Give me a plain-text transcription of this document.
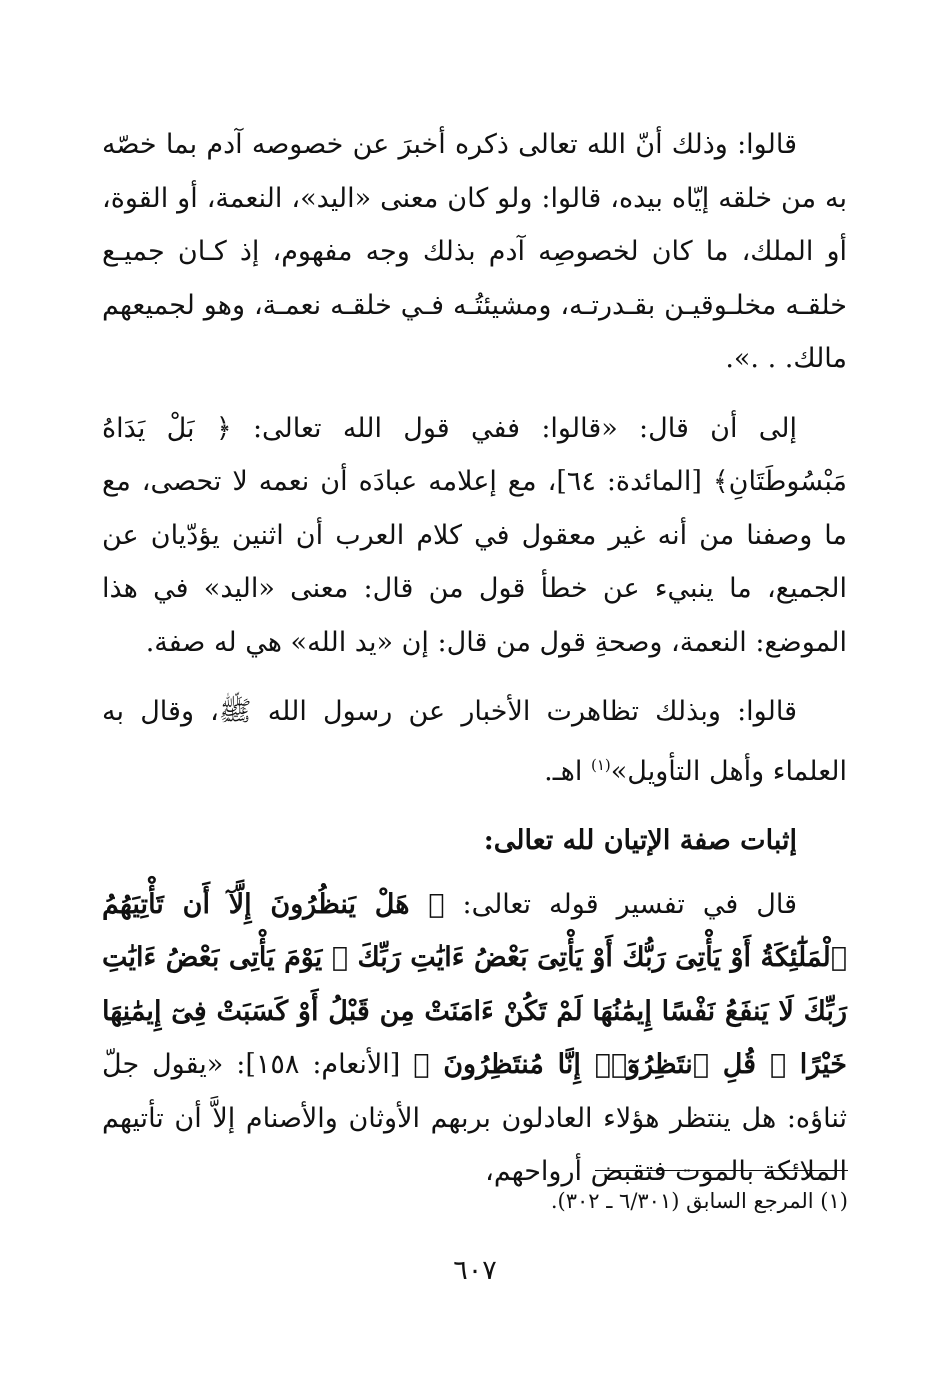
قالوا: وذلك أنّ الله تعالى ذكره أخبرَ عن خصوصه آدم بما خصّه به من خلقه إيّاه بيده، قالوا: ولو كان معنى «اليد»، النعمة، أو القوة، أو الملك، ما كان لخصوصِه آدم بذلك وجه مفهوم، إذ كـان جميـع خلقـه مخلـوقيـن بقـدرتـه، ومشيئتُـه فـي خلقـه نعمـة، وهو لجميعهم مالك. . .».

إلى أن قال: «قالوا: ففي قول الله تعالى: ﴿ بَلْ يَدَاهُ مَبْسُوطَتَانِ﴾ [المائدة: ٦٤]، مع إعلامه عبادَه أن نعمه لا تحصى، مع ما وصفنا من أنه غير معقول في كلام العرب أن اثنين يؤدّيان عن الجميع، ما ينبيء عن خطأ قول من قال: معنى «اليد» في هذا الموضع: النعمة، وصحةِ قول من قال: إن «يد الله» هي له صفة.

قالوا: وبذلك تظاهرت الأخبار عن رسول الله ﷺ، وقال به العلماء وأهل التأويل»$^{(١)}$ اهـ.

إثبات صفة الإتيان لله تعالى:

قال في تفسير قوله تعالى: ﴿ هَلْ يَنظُرُونَ إِلَّآ أَن تَأْتِيَهُمُ ٱلْمَلَٰٓئِكَةُ أَوْ يَأْتِىَ رَبُّكَ أَوْ يَأْتِىَ بَعْضُ ءَايَٰتِ رَبِّكَ ۗ يَوْمَ يَأْتِى بَعْضُ ءَايَٰتِ رَبِّكَ لَا يَنفَعُ نَفْسًا إِيمَٰنُهَا لَمْ تَكُنْ ءَامَنَتْ مِن قَبْلُ أَوْ كَسَبَتْ فِىٓ إِيمَٰنِهَا خَيْرًا ۗ قُلِ ٱنتَظِرُوٓا۟ إِنَّا مُنتَظِرُونَ ﴾ [الأنعام: ١٥٨]: «يقول جلّ ثناؤه: هل ينتظر هؤلاء العادلون بربهم الأوثان والأصنام إلاَّ أن تأتيهم الملائكة بالموت فتقبض أرواحهم،

(١) المرجع السابق (٦/٣٠١ ـ ٣٠٢).
٦٠٧
